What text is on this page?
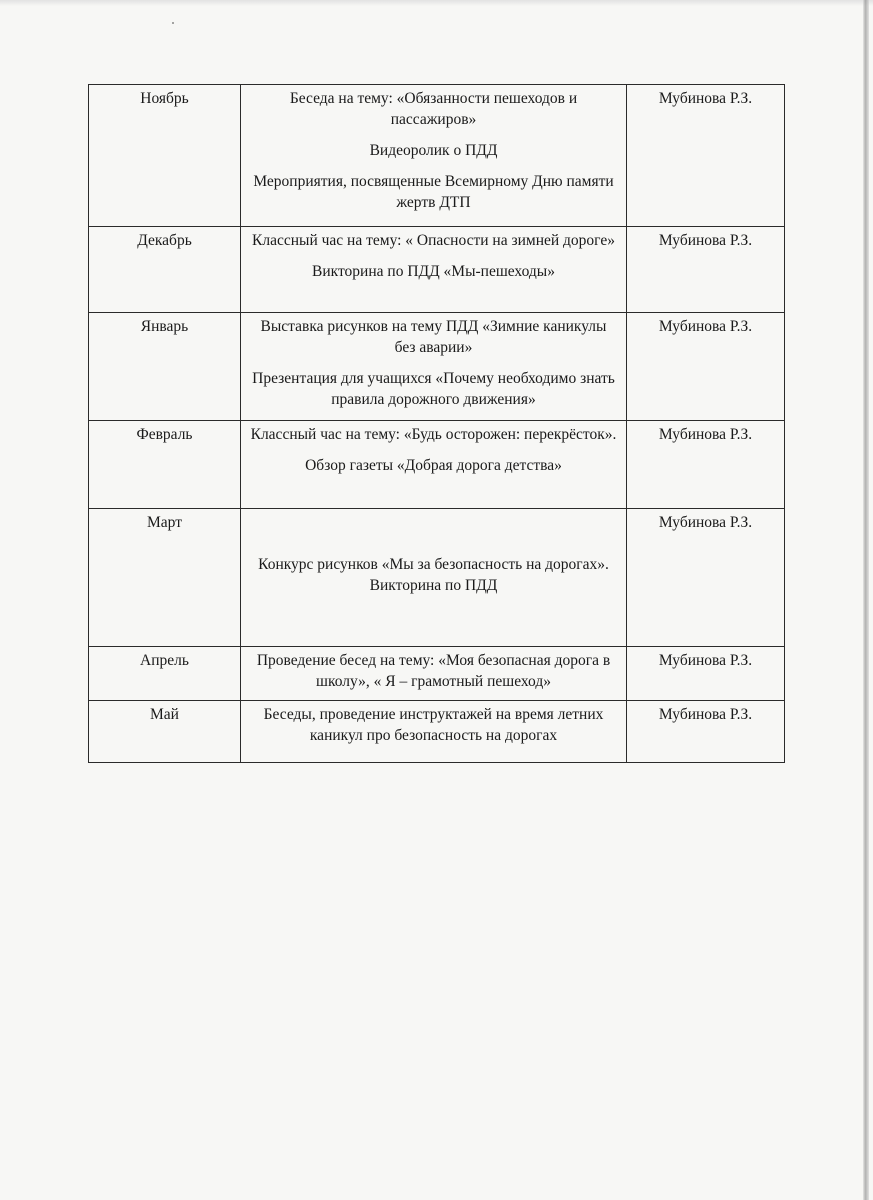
Ноябрь	Беседа на тему: «Обязанности пешеходов и пассажиров»

Видеоролик о ПДД

Мероприятия, посвященные Всемирному Дню памяти жертв ДТП	Мубинова Р.З.
Декабрь	Классный час на тему: « Опасности на зимней дороге»

Викторина по ПДД «Мы-пешеходы»	Мубинова Р.З.
Январь	Выставка рисунков на тему ПДД «Зимние каникулы без аварии»

Презентация для учащихся «Почему необходимо знать правила дорожного движения»	Мубинова Р.З.
Февраль	Классный час на тему: «Будь осторожен: перекрёсток».

Обзор газеты «Добрая дорога детства»	Мубинова Р.З.
Март	Конкурс рисунков «Мы за безопасность на дорогах».         Викторина по ПДД	Мубинова Р.З.
Апрель	Проведение бесед на тему: «Моя безопасная дорога в школу», « Я – грамотный пешеход»	Мубинова Р.З.
Май	Беседы, проведение инструктажей на время летних каникул про безопасность на дорогах	Мубинова Р.З.
